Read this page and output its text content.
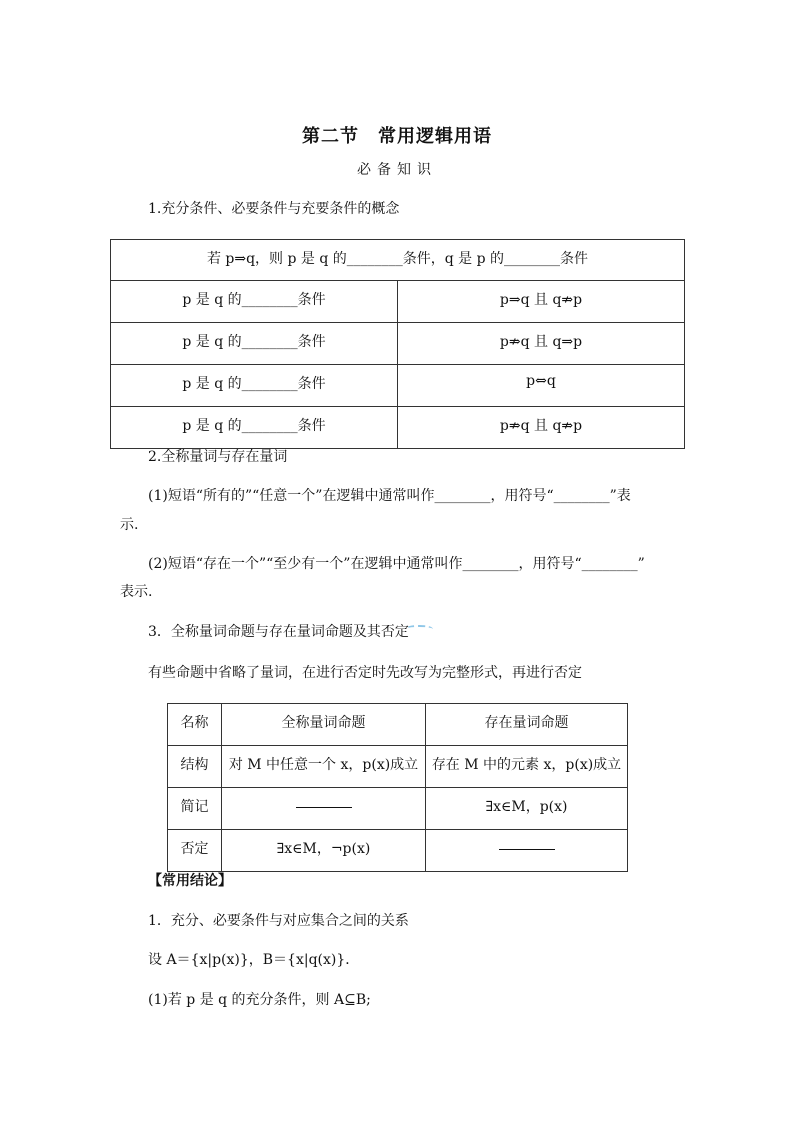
第二节　常用逻辑用语
必备知识
1.充分条件、必要条件与充要条件的概念
若 p⇒q，则 p 是 q 的________条件，q 是 p 的________条件	
p 是 q 的________条件	p⇒q 且 q⇏p
p 是 q 的________条件	p⇏q 且 q⇒p
p 是 q 的________条件	p⇔q
p 是 q 的________条件	p⇏q 且 q⇏p
2.全称量词与存在量词
(1)短语“所有的”“任意一个”在逻辑中通常叫作________，用符号“________”表
示.
(2)短语“存在一个”“至少有一个”在逻辑中通常叫作________，用符号“________”
表示.
3．全称量词命题与存在量词命题及其否定
有些命题中省略了量词，在进行否定时先改写为完整形式，再进行否定
名称	全称量词命题	存在量词命题
结构	对 M 中任意一个 x，p(x)成立	存在 M 中的元素 x，p(x)成立
简记		∃x∈M，p(x)
否定	∃x∈M，¬p(x)	
【常用结论】
1．充分、必要条件与对应集合之间的关系
设 A＝{x|p(x)}，B＝{x|q(x)}．
(1)若 p 是 q 的充分条件，则 A⊆B;
